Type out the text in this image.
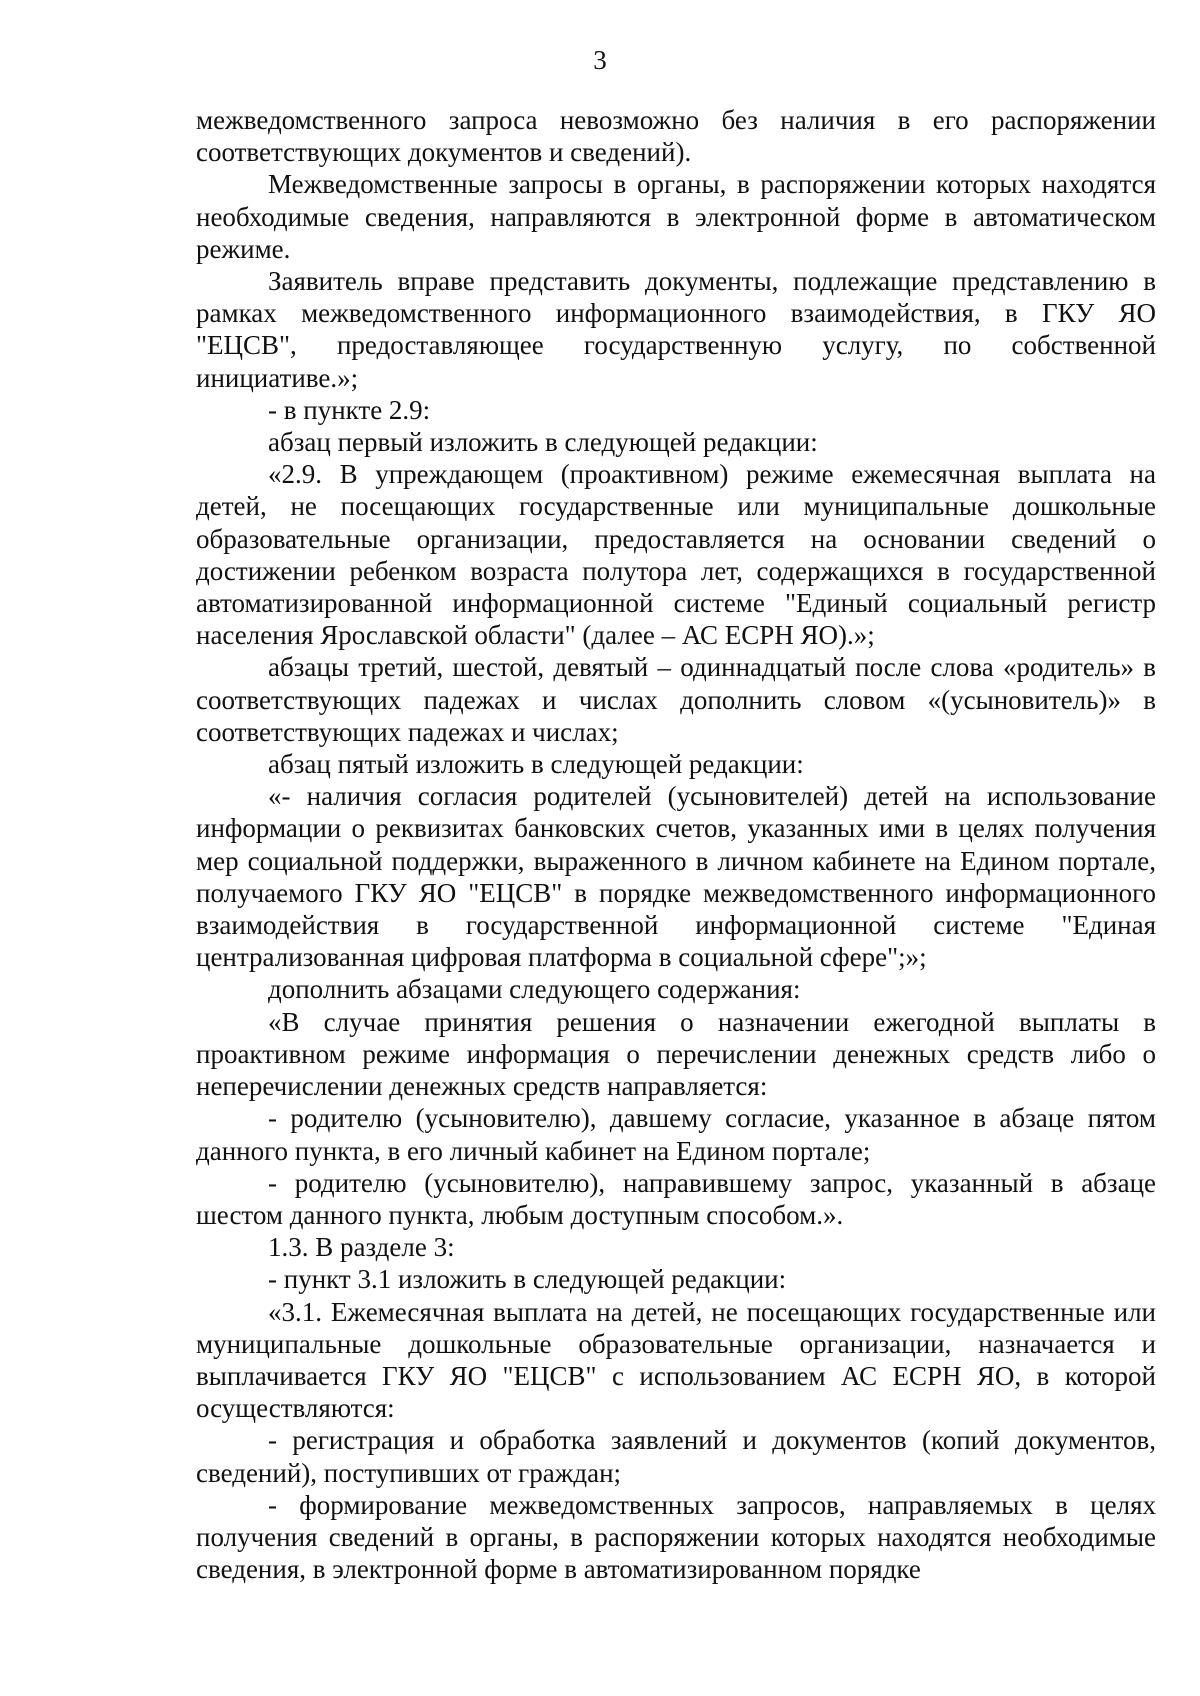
3

межведомственного запроса невозможно без наличия в его распоряжении соответствующих документов и сведений).

Межведомственные запросы в органы, в распоряжении которых находятся необходимые сведения, направляются в электронной форме в автоматическом режиме.

Заявитель вправе представить документы, подлежащие представлению в рамках межведомственного информационного взаимодействия, в ГКУ ЯО "ЕЦСВ", предоставляющее государственную услугу, по собственной инициативе.»;

- в пункте 2.9:

абзац первый изложить в следующей редакции:

«2.9. В упреждающем (проактивном) режиме ежемесячная выплата на детей, не посещающих государственные или муниципальные дошкольные образовательные организации, предоставляется на основании сведений о достижении ребенком возраста полутора лет, содержащихся в государственной автоматизированной информационной системе "Единый социальный регистр населения Ярославской области" (далее – АС ЕСРН ЯО).»;

абзацы третий, шестой, девятый – одиннадцатый после слова «родитель» в соответствующих падежах и числах дополнить словом «(усыновитель)» в соответствующих падежах и числах;

абзац пятый изложить в следующей редакции:

«- наличия согласия родителей (усыновителей) детей на использование информации о реквизитах банковских счетов, указанных ими в целях получения мер социальной поддержки, выраженного в личном кабинете на Едином портале, получаемого ГКУ ЯО "ЕЦСВ" в порядке межведомственного информационного взаимодействия в государственной информационной системе "Единая централизованная цифровая платформа в социальной сфере";»;

дополнить абзацами следующего содержания:

«В случае принятия решения о назначении ежегодной выплаты в проактивном режиме информация о перечислении денежных средств либо о неперечислении денежных средств направляется:

- родителю (усыновителю), давшему согласие, указанное в абзаце пятом данного пункта, в его личный кабинет на Едином портале;

- родителю (усыновителю), направившему запрос, указанный в абзаце шестом данного пункта, любым доступным способом.».

1.3. В разделе 3:

- пункт 3.1 изложить в следующей редакции:

«3.1. Ежемесячная выплата на детей, не посещающих государственные или муниципальные дошкольные образовательные организации, назначается и выплачивается ГКУ ЯО "ЕЦСВ" с использованием АС ЕСРН ЯО, в которой осуществляются:

- регистрация и обработка заявлений и документов (копий документов, сведений), поступивших от граждан;

- формирование межведомственных запросов, направляемых в целях получения сведений в органы, в распоряжении которых находятся необходимые сведения, в электронной форме в автоматизированном порядке
